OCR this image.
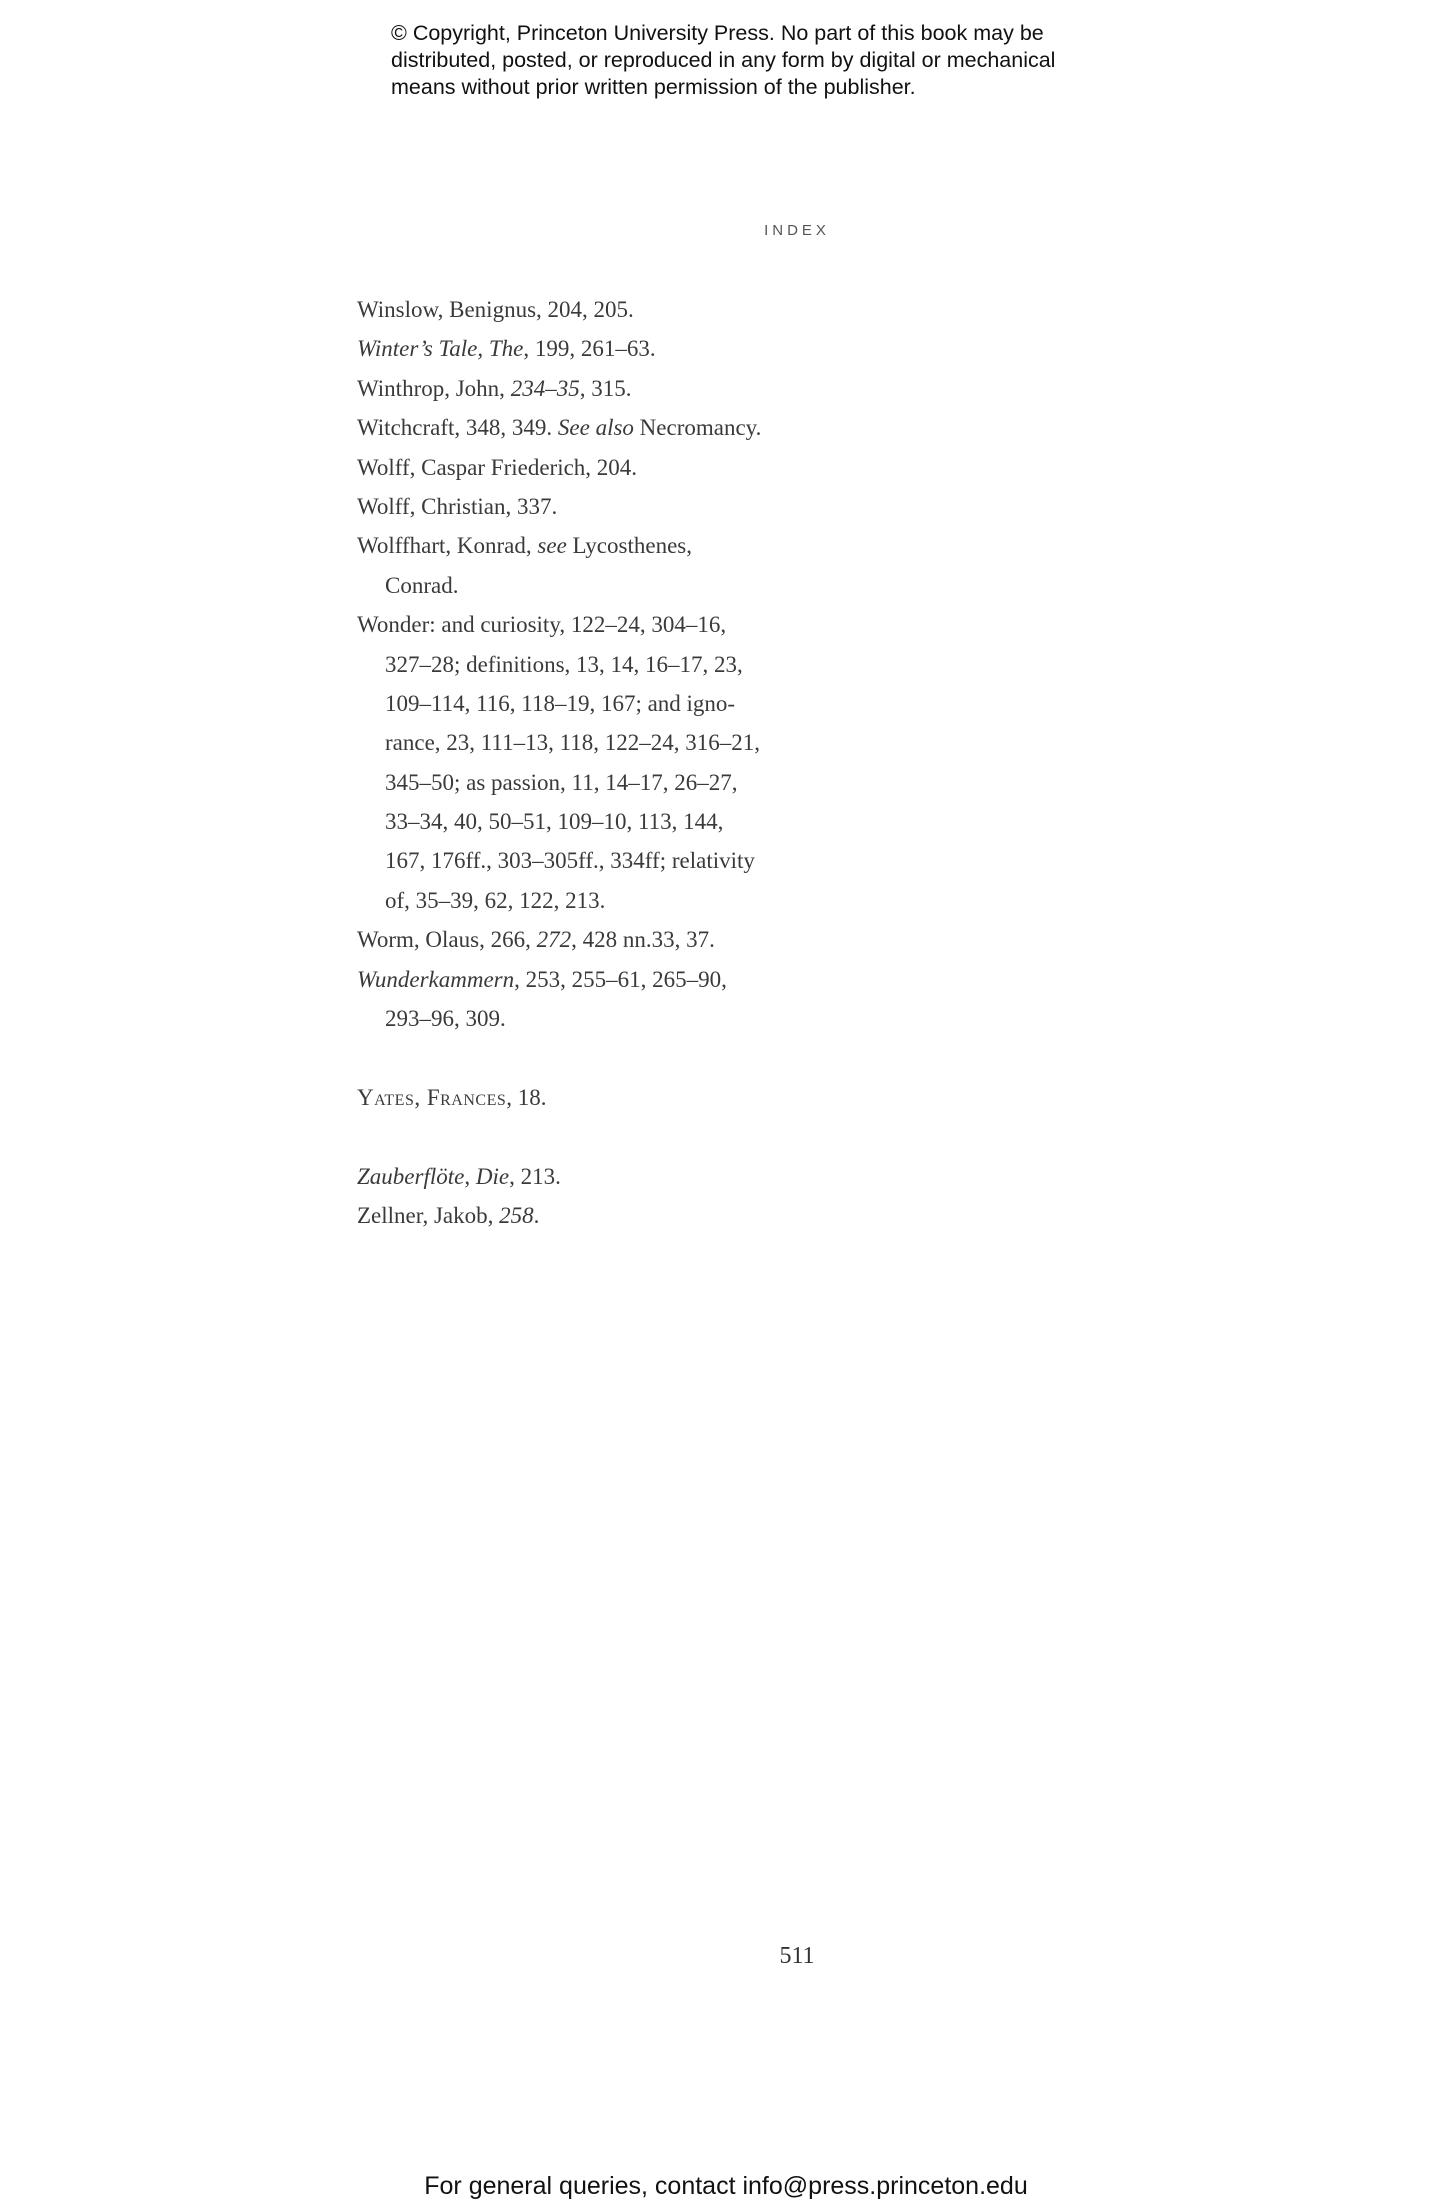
© Copyright, Princeton University Press. No part of this book may be
distributed, posted, or reproduced in any form by digital or mechanical
means without prior written permission of the publisher.
INDEX
Winslow, Benignus, 204, 205.
Winter’s Tale, The, 199, 261–63.
Winthrop, John, 234–35, 315.
Witchcraft, 348, 349. See also Necromancy.
Wolff, Caspar Friederich, 204.
Wolff, Christian, 337.
Wolffhart, Konrad, see Lycosthenes,
Conrad.
Wonder: and curiosity, 122–24, 304–16,
327–28; definitions, 13, 14, 16–17, 23,
109–114, 116, 118–19, 167; and igno-
rance, 23, 111–13, 118, 122–24, 316–21,
345–50; as passion, 11, 14–17, 26–27,
33–34, 40, 50–51, 109–10, 113, 144,
167, 176ff., 303–305ff., 334ff; relativity
of, 35–39, 62, 122, 213.
Worm, Olaus, 266, 272, 428 nn.33, 37.
Wunderkammern, 253, 255–61, 265–90,
293–96, 309.
Yates, Frances, 18.
Zauberflöte, Die, 213.
Zellner, Jakob, 258.
511
For general queries, contact info@press.princeton.edu
